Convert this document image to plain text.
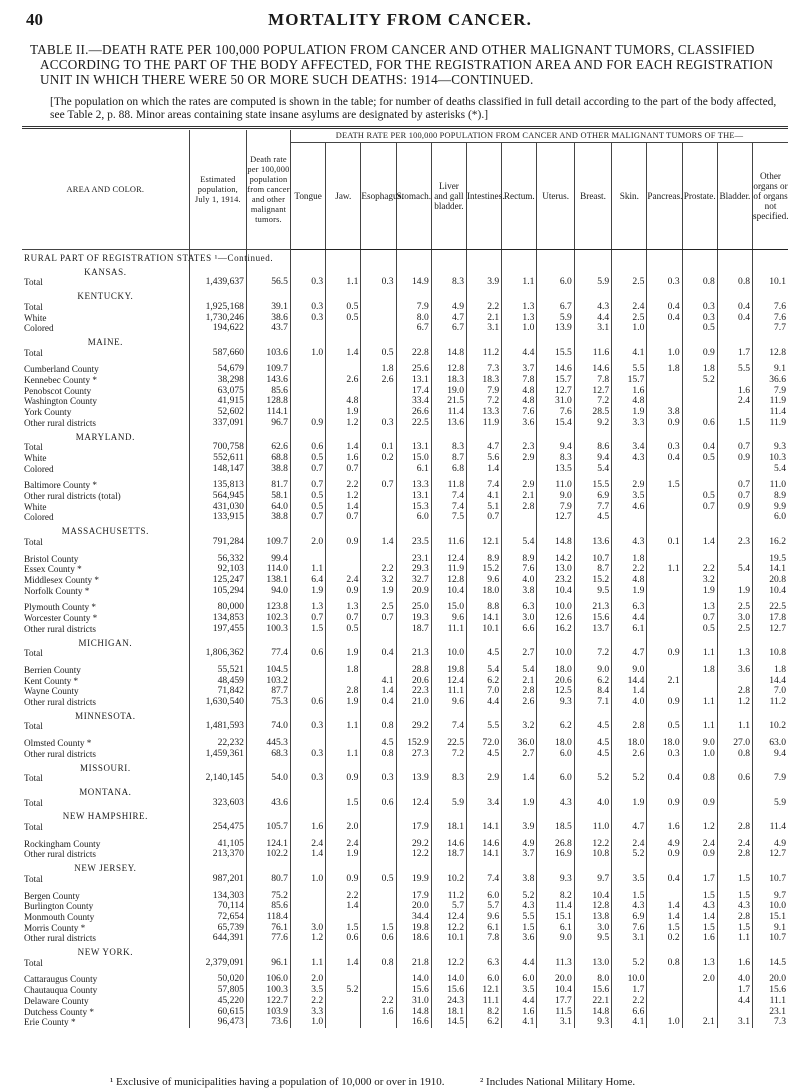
40	MORTALITY FROM CANCER.
TABLE II.—DEATH RATE PER 100,000 POPULATION FROM CANCER AND OTHER MALIGNANT TUMORS, CLASSIFIED ACCORDING TO THE PART OF THE BODY AFFECTED, FOR THE REGISTRATION AREA AND FOR EACH REGISTRATION UNIT IN WHICH THERE WERE 50 OR MORE SUCH DEATHS: 1914—CONTINUED.
[The population on which the rates are computed is shown in the table; for number of deaths classified in full detail according to the part of the body affected, see Table 2, p. 88. Minor areas containing state insane asylums are designated by asterisks (*).]
AREA AND COLOR.	Estimated population, July 1, 1914.	Death rate per 100,000 population from cancer and other malignant tumors.	DEATH RATE PER 100,000 POPULATION FROM CANCER AND OTHER MALIGNANT TUMORS OF THE—													
			Tongue	Jaw.	Esophagus.	Stomach.	Liver and gall bladder.	Intestines.	Rectum.	Uterus.	Breast.	Skin.	Pancreas.	Prostate.	Bladder.	Other organs or of organs not specified.
RURAL PART OF REGISTRATION STATES ¹—Continued.																
KANSAS.																
Total	1,439,637	56.5	0.3	1.1	0.3	14.9	8.3	3.9	1.1	6.0	5.9	2.5	0.3	0.8	0.8	10.1
KENTUCKY.																
Total	1,925,168	39.1	0.3	0.5		7.9	4.9	2.2	1.3	6.7	4.3	2.4	0.4	0.3	0.4	7.6
White	1,730,246	38.6	0.3	0.5		8.0	4.7	2.1	1.3	5.9	4.4	2.5	0.4	0.3	0.4	7.6
Colored	194,622	43.7				6.7	6.7	3.1	1.0	13.9	3.1	1.0		0.5		7.7
MAINE.																
Total	587,660	103.6	1.0	1.4	0.5	22.8	14.8	11.2	4.4	15.5	11.6	4.1	1.0	0.9	1.7	12.8

Cumberland County	54,679	109.7			1.8	25.6	12.8	7.3	3.7	14.6	14.6	5.5	1.8	1.8	5.5	9.1
Kennebec County *	38,298	143.6		2.6	2.6	13.1	18.3	18.3	7.8	15.7	7.8	15.7		5.2		36.6
Penobscot County	63,075	85.6				17.4	19.0	7.9	4.8	12.7	12.7	1.6			1.6	7.9
Washington County	41,915	128.8		4.8		33.4	21.5	7.2	4.8	31.0	7.2	4.8			2.4	11.9
York County	52,602	114.1		1.9		26.6	11.4	13.3	7.6	7.6	28.5	1.9	3.8			11.4
Other rural districts	337,091	96.7	0.9	1.2	0.3	22.5	13.6	11.9	3.6	15.4	9.2	3.3	0.9	0.6	1.5	11.9
MARYLAND.																
Total	700,758	62.6	0.6	1.4	0.1	13.1	8.3	4.7	2.3	9.4	8.6	3.4	0.3	0.4	0.7	9.3
White	552,611	68.8	0.5	1.6	0.2	15.0	8.7	5.6	2.9	8.3	9.4	4.3	0.4	0.5	0.9	10.3
Colored	148,147	38.8	0.7	0.7		6.1	6.8	1.4		13.5	5.4					5.4

Baltimore County *	135,813	81.7	0.7	2.2	0.7	13.3	11.8	7.4	2.9	11.0	15.5	2.9	1.5		0.7	11.0
Other rural districts (total)	564,945	58.1	0.5	1.2		13.1	7.4	4.1	2.1	9.0	6.9	3.5		0.5	0.7	8.9
White	431,030	64.0	0.5	1.4		15.3	7.4	5.1	2.8	7.9	7.7	4.6		0.7	0.9	9.9
Colored	133,915	38.8	0.7	0.7		6.0	7.5	0.7		12.7	4.5					6.0
MASSACHUSETTS.																
Total	791,284	109.7	2.0	0.9	1.4	23.5	11.6	12.1	5.4	14.8	13.6	4.3	0.1	1.4	2.3	16.2

Bristol County	56,332	99.4				23.1	12.4	8.9	8.9	14.2	10.7	1.8				19.5
Essex County *	92,103	114.0	1.1		2.2	29.3	11.9	15.2	7.6	13.0	8.7	2.2	1.1	2.2	5.4	14.1
Middlesex County *	125,247	138.1	6.4	2.4	3.2	32.7	12.8	9.6	4.0	23.2	15.2	4.8		3.2		20.8
Norfolk County *	105,294	94.0	1.9	0.9	1.9	20.9	10.4	18.0	3.8	10.4	9.5	1.9		1.9	1.9	10.4

Plymouth County *	80,000	123.8	1.3	1.3	2.5	25.0	15.0	8.8	6.3	10.0	21.3	6.3		1.3	2.5	22.5
Worcester County *	134,853	102.3	0.7	0.7	0.7	19.3	9.6	14.1	3.0	12.6	15.6	4.4		0.7	3.0	17.8
Other rural districts	197,455	100.3	1.5	0.5		18.7	11.1	10.1	6.6	16.2	13.7	6.1		0.5	2.5	12.7
MICHIGAN.																
Total	1,806,362	77.4	0.6	1.9	0.4	21.3	10.0	4.5	2.7	10.0	7.2	4.7	0.9	1.1	1.3	10.8

Berrien County	55,521	104.5		1.8		28.8	19.8	5.4	5.4	18.0	9.0	9.0		1.8	3.6	1.8
Kent County *	48,459	103.2			4.1	20.6	12.4	6.2	2.1	20.6	6.2	14.4	2.1			14.4
Wayne County	71,842	87.7		2.8	1.4	22.3	11.1	7.0	2.8	12.5	8.4	1.4			2.8	7.0
Other rural districts	1,630,540	75.3	0.6	1.9	0.4	21.0	9.6	4.4	2.6	9.3	7.1	4.0	0.9	1.1	1.2	11.2
MINNESOTA.																
Total	1,481,593	74.0	0.3	1.1	0.8	29.2	7.4	5.5	3.2	6.2	4.5	2.8	0.5	1.1	1.1	10.2

Olmsted County *	22,232	445.3			4.5	152.9	22.5	72.0	36.0	18.0	4.5	18.0	18.0	9.0	27.0	63.0
Other rural districts	1,459,361	68.3	0.3	1.1	0.8	27.3	7.2	4.5	2.7	6.0	4.5	2.6	0.3	1.0	0.8	9.4
MISSOURI.																
Total	2,140,145	54.0	0.3	0.9	0.3	13.9	8.3	2.9	1.4	6.0	5.2	5.2	0.4	0.8	0.6	7.9
MONTANA.																
Total	323,603	43.6		1.5	0.6	12.4	5.9	3.4	1.9	4.3	4.0	1.9	0.9	0.9		5.9
NEW HAMPSHIRE.																
Total	254,475	105.7	1.6	2.0		17.9	18.1	14.1	3.9	18.5	11.0	4.7	1.6	1.2	2.8	11.4

Rockingham County	41,105	124.1	2.4	2.4		29.2	14.6	14.6	4.9	26.8	12.2	2.4	4.9	2.4	2.4	4.9
Other rural districts	213,370	102.2	1.4	1.9		12.2	18.7	14.1	3.7	16.9	10.8	5.2	0.9	0.9	2.8	12.7
NEW JERSEY.																
Total	987,201	80.7	1.0	0.9	0.5	19.9	10.2	7.4	3.8	9.3	9.7	3.5	0.4	1.7	1.5	10.7

Bergen County	134,303	75.2		2.2		17.9	11.2	6.0	5.2	8.2	10.4	1.5		1.5	1.5	9.7
Burlington County	70,114	85.6		1.4		20.0	5.7	5.7	4.3	11.4	12.8	4.3	1.4	4.3	4.3	10.0
Monmouth County	72,654	118.4				34.4	12.4	9.6	5.5	15.1	13.8	6.9	1.4	1.4	2.8	15.1
Morris County *	65,739	76.1	3.0	1.5	1.5	19.8	12.2	6.1	1.5	6.1	3.0	7.6	1.5	1.5	1.5	9.1
Other rural districts	644,391	77.6	1.2	0.6	0.6	18.6	10.1	7.8	3.6	9.0	9.5	3.1	0.2	1.6	1.1	10.7
NEW YORK.																
Total	2,379,091	96.1	1.1	1.4	0.8	21.8	12.2	6.3	4.4	11.3	13.0	5.2	0.8	1.3	1.6	14.5

Cattaraugus County	50,020	106.0	2.0			14.0	14.0	6.0	6.0	20.0	8.0	10.0		2.0	4.0	20.0
Chautauqua County	57,805	100.3	3.5	5.2		15.6	15.6	12.1	3.5	10.4	15.6	1.7			1.7	15.6
Delaware County	45,220	122.7	2.2		2.2	31.0	24.3	11.1	4.4	17.7	22.1	2.2			4.4	11.1
Dutchess County *	60,615	103.9	3.3		1.6	14.8	18.1	8.2	1.6	11.5	14.8	6.6				23.1
Erie County *	96,473	73.6	1.0			16.6	14.5	6.2	4.1	3.1	9.3	4.1	1.0	2.1	3.1	7.3
¹ Exclusive of municipalities having a population of 10,000 or over in 1910.	² Includes National Military Home.
